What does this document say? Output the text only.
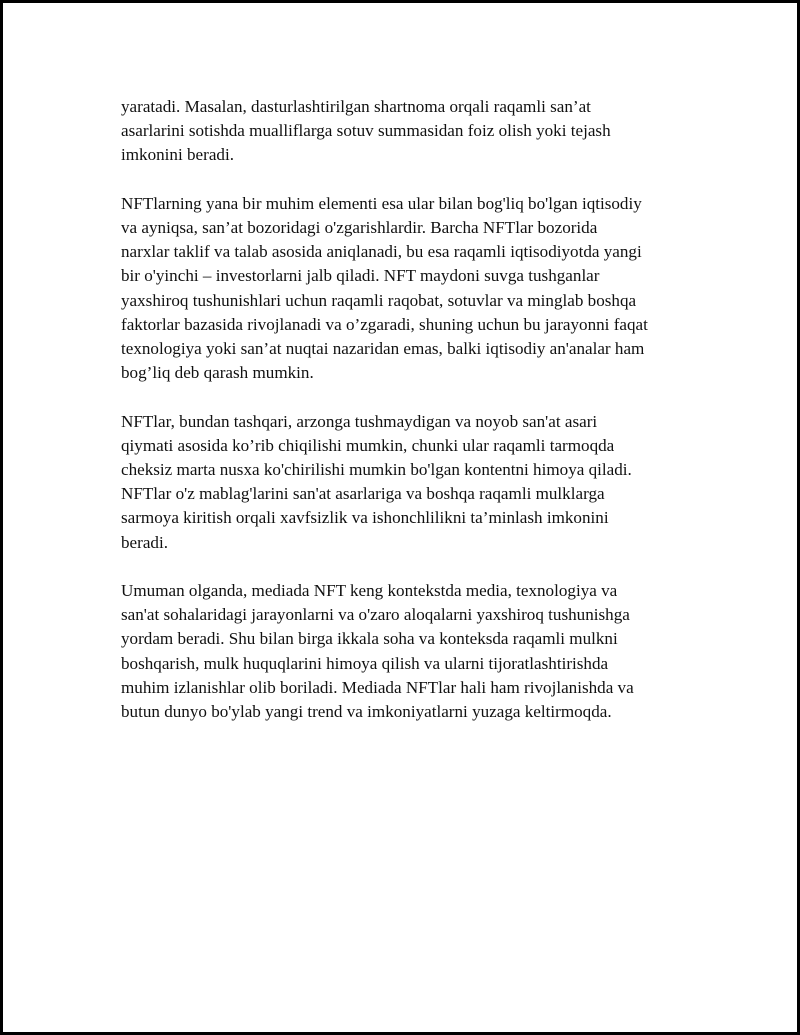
yaratadi. Masalan, dasturlashtirilgan shartnoma orqali raqamli san’at
asarlarini sotishda mualliflarga sotuv summasidan foiz olish yoki tejash
imkonini beradi.

NFTlarning yana bir muhim elementi esa ular bilan bog'liq bo'lgan iqtisodiy
va ayniqsa, san’at bozoridagi o'zgarishlardir. Barcha NFTlar bozorida
narxlar taklif va talab asosida aniqlanadi, bu esa raqamli iqtisodiyotda yangi
bir o'yinchi – investorlarni jalb qiladi. NFT maydoni suvga tushganlar
yaxshiroq tushunishlari uchun raqamli raqobat, sotuvlar va minglab boshqa
faktorlar bazasida rivojlanadi va o’zgaradi, shuning uchun bu jarayonni faqat
texnologiya yoki san’at nuqtai nazaridan emas, balki iqtisodiy an'analar ham
bog’liq deb qarash mumkin.

NFTlar, bundan tashqari, arzonga tushmaydigan va noyob san'at asari
qiymati asosida ko’rib chiqilishi mumkin, chunki ular raqamli tarmoqda
cheksiz marta nusxa ko'chirilishi mumkin bo'lgan kontentni himoya qiladi.
NFTlar o'z mablag'larini san'at asarlariga va boshqa raqamli mulklarga
sarmoya kiritish orqali xavfsizlik va ishonchlilikni ta’minlash imkonini
beradi.

Umuman olganda, mediada NFT keng kontekstda media, texnologiya va
san'at sohalaridagi jarayonlarni va o'zaro aloqalarni yaxshiroq tushunishga
yordam beradi. Shu bilan birga ikkala soha va konteksda raqamli mulkni
boshqarish, mulk huquqlarini himoya qilish va ularni tijoratlashtirishda
muhim izlanishlar olib boriladi. Mediada NFTlar hali ham rivojlanishda va
butun dunyo bo'ylab yangi trend va imkoniyatlarni yuzaga keltirmoqda.
